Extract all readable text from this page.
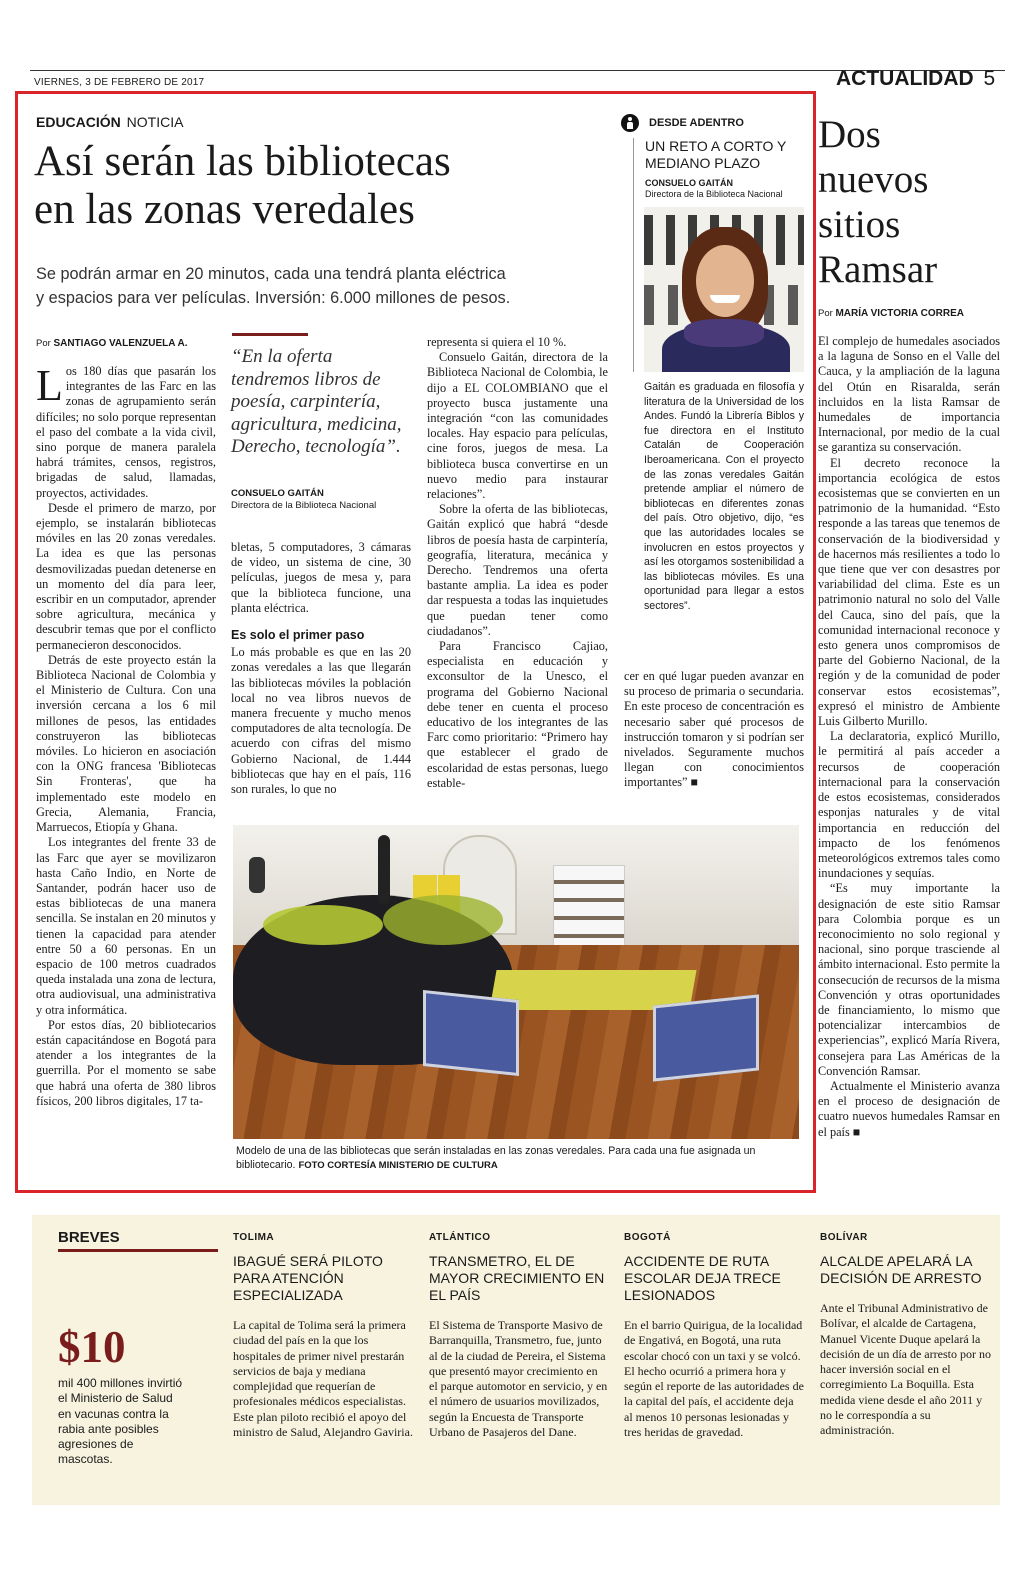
VIERNES, 3 DE FEBRERO DE 2017	ACTUALIDAD 5
EDUCACIÓN NOTICIA
Así serán las bibliotecas
en las zonas veredales
Se podrán armar en 20 minutos, cada una tendrá planta eléctrica
y espacios para ver películas. Inversión: 6.000 millones de pesos.
Por SANTIAGO VALENZUELA A.

Los 180 días que pasarán los integrantes de las Farc en las zonas de agrupamiento serán difíciles; no solo porque representan el paso del combate a la vida civil, sino porque de manera paralela habrá trámites, censos, registros, brigadas de salud, llamadas, proyectos, actividades.

Desde el primero de marzo, por ejemplo, se instalarán bibliotecas móviles en las 20 zonas veredales. La idea es que las personas desmovilizadas puedan detenerse en un momento del día para leer, escribir en un computador, aprender sobre agricultura, mecánica y descubrir temas que por el conflicto permanecieron desconocidos.

Detrás de este proyecto están la Biblioteca Nacional de Colombia y el Ministerio de Cultura. Con una inversión cercana a los 6 mil millones de pesos, las entidades construyeron las bibliotecas móviles. Lo hicieron en asociación con la ONG francesa 'Bibliotecas Sin Fronteras', que ha implementado este modelo en Grecia, Alemania, Francia, Marruecos, Etiopía y Ghana.

Los integrantes del frente 33 de las Farc que ayer se movilizaron hasta Caño Indio, en Norte de Santander, podrán hacer uso de estas bibliotecas de una manera sencilla. Se instalan en 20 minutos y tienen la capacidad para atender entre 50 a 60 personas. En un espacio de 100 metros cuadrados queda instalada una zona de lectura, otra audiovisual, una administrativa y otra informática.

Por estos días, 20 bibliotecarios están capacitándose en Bogotá para atender a los integrantes de la guerrilla. Por el momento se sabe que habrá una oferta de 380 libros físicos, 200 libros digitales, 17 ta-

“En la oferta tendremos libros de poesía, carpintería, agricultura, medicina, Derecho, tecnología”.
CONSUELO GAITÁN
Directora de la Biblioteca Nacional

bletas, 5 computadores, 3 cámaras de video, un sistema de cine, 30 películas, juegos de mesa y, para que la biblioteca funcione, una planta eléctrica.

Es solo el primer paso

Lo más probable es que en las 20 zonas veredales a las que llegarán las bibliotecas móviles la población local no vea libros nuevos de manera frecuente y mucho menos computadores de alta tecnología. De acuerdo con cifras del mismo Gobierno Nacional, de 1.444 bibliotecas que hay en el país, 116 son rurales, lo que no

representa si quiera el 10 %.

Consuelo Gaitán, directora de la Biblioteca Nacional de Colombia, le dijo a EL COLOMBIANO que el proyecto busca justamente una integración “con las comunidades locales. Hay espacio para películas, cine foros, juegos de mesa. La biblioteca busca convertirse en un nuevo medio para instaurar relaciones”.

Sobre la oferta de las bibliotecas, Gaitán explicó que habrá “desde libros de poesía hasta de carpintería, geografía, literatura, mecánica y Derecho. Tendremos una oferta bastante amplia. La idea es poder dar respuesta a todas las inquietudes que puedan tener como ciudadanos”.

Para Francisco Cajiao, especialista en educación y exconsultor de la Unesco, el programa del Gobierno Nacional debe tener en cuenta el proceso educativo de los integrantes de las Farc como prioritario: “Primero hay que establecer el grado de escolaridad de estas personas, luego estable-

cer en qué lugar pueden avanzar en su proceso de primaria o secundaria. En este proceso de concentración es necesario saber qué procesos de instrucción tomaron y si podrían ser nivelados. Seguramente muchos llegan con conocimientos importantes” ■

DESDE ADENTRO
UN RETO A CORTO Y
MEDIANO PLAZO
CONSUELO GAITÁN
Directora de la Biblioteca Nacional
Gaitán es graduada en filosofía y literatura de la Universidad de los Andes. Fundó la Librería Biblos y fue directora en el Instituto Catalán de Cooperación Iberoamericana. Con el proyecto de las zonas veredales Gaitán pretende ampliar el número de bibliotecas en diferentes zonas del país. Otro objetivo, dijo, “es que las autoridades locales se involucren en estos proyectos y así les otorgamos sostenibilidad a las bibliotecas móviles. Es una oportunidad para llegar a estos sectores”.
Modelo de una de las bibliotecas que serán instaladas en las zonas veredales. Para cada una fue asignada un bibliotecario. FOTO CORTESÍA MINISTERIO DE CULTURA
Dos
nuevos
sitios
Ramsar
Por MARÍA VICTORIA CORREA

El complejo de humedales asociados a la laguna de Sonso en el Valle del Cauca, y la ampliación de la laguna del Otún en Risaralda, serán incluidos en la lista Ramsar de humedales de importancia Internacional, por medio de la cual se garantiza su conservación.

El decreto reconoce la importancia ecológica de estos ecosistemas que se convierten en un patrimonio de la humanidad. “Esto responde a las tareas que tenemos de conservación de la biodiversidad y de hacernos más resilientes a todo lo que tiene que ver con desastres por variabilidad del clima. Este es un patrimonio natural no solo del Valle del Cauca, sino del país, que la comunidad internacional reconoce y esto genera unos compromisos de parte del Gobierno Nacional, de la región y de la comunidad de poder conservar estos ecosistemas”, expresó el ministro de Ambiente Luis Gilberto Murillo.

La declaratoria, explicó Murillo, le permitirá al país acceder a recursos de cooperación internacional para la conservación de estos ecosistemas, considerados esponjas naturales y de vital importancia en reducción del impacto de los fenómenos meteorológicos extremos tales como inundaciones y sequías.

“Es muy importante la designación de este sitio Ramsar para Colombia porque es un reconocimiento no solo regional y nacional, sino porque trasciende al ámbito internacional. Esto permite la consecución de recursos de la misma Convención y otras oportunidades de financiamiento, lo mismo que potencializar intercambios de experiencias”, explicó María Rivera, consejera para Las Américas de la Convención Ramsar.

Actualmente el Ministerio avanza en el proceso de designación de cuatro nuevos humedales Ramsar en el país ■

BREVES
$10
mil 400 millones invirtió el Ministerio de Salud en vacunas contra la rabia ante posibles agresiones de mascotas.
TOLIMA
IBAGUÉ SERÁ PILOTO PARA ATENCIÓN ESPECIALIZADA
La capital de Tolima será la primera ciudad del país en la que los hospitales de primer nivel prestarán servicios de baja y mediana complejidad que requerían de profesionales médicos especialistas. Este plan piloto recibió el apoyo del ministro de Salud, Alejandro Gaviria.
ATLÁNTICO
TRANSMETRO, EL DE MAYOR CRECIMIENTO EN EL PAÍS
El Sistema de Transporte Masivo de Barranquilla, Transmetro, fue, junto al de la ciudad de Pereira, el Sistema que presentó mayor crecimiento en el parque automotor en servicio, y en el número de usuarios movilizados, según la Encuesta de Transporte Urbano de Pasajeros del Dane.
BOGOTÁ
ACCIDENTE DE RUTA ESCOLAR DEJA TRECE LESIONADOS
En el barrio Quirigua, de la localidad de Engativá, en Bogotá, una ruta escolar chocó con un taxi y se volcó. El hecho ocurrió a primera hora y según el reporte de las autoridades de la capital del país, el accidente deja al menos 10 personas lesionadas y tres heridas de gravedad.
BOLÍVAR
ALCALDE APELARÁ LA DECISIÓN DE ARRESTO
Ante el Tribunal Administrativo de Bolívar, el alcalde de Cartagena, Manuel Vicente Duque apelará la decisión de un día de arresto por no hacer inversión social en el corregimiento La Boquilla. Esta medida viene desde el año 2011 y no le correspondía a su administración.
